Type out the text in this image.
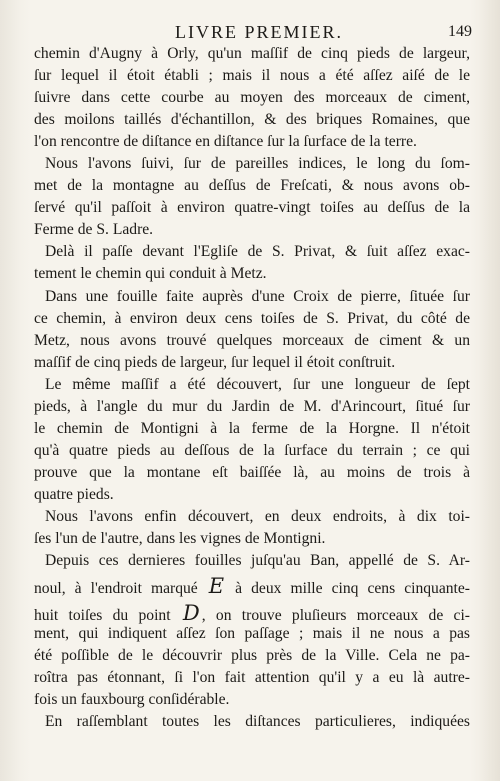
LIVRE PREMIER.	149
chemin d'Augny à Orly, qu'un maſſif de cinq pieds de largeur,
ſur lequel il étoit établi ; mais il nous a été aſſez aiſé de le
ſuivre dans cette courbe au moyen des morceaux de ciment,
des moilons taillés d'échantillon, & des briques Romaines, que
l'on rencontre de diſtance en diſtance ſur la ſurface de la terre.
Nous l'avons ſuivi, ſur de pareilles indices, le long du ſom-
met de la montagne au deſſus de Freſcati, & nous avons ob-
ſervé qu'il paſſoit à environ quatre-vingt toiſes au deſſus de la
Ferme de S. Ladre.
Delà il paſſe devant l'Egliſe de S. Privat, & ſuit aſſez exac-
tement le chemin qui conduit à Metz.
Dans une fouille faite auprès d'une Croix de pierre, ſituée ſur
ce chemin, à environ deux cens toiſes de S. Privat, du côté de
Metz, nous avons trouvé quelques morceaux de ciment & un
maſſif de cinq pieds de largeur, ſur lequel il étoit conſtruit.
Le même maſſif a été découvert, ſur une longueur de ſept
pieds, à l'angle du mur du Jardin de M. d'Arincourt, ſitué ſur
le chemin de Montigni à la ferme de la Horgne. Il n'étoit
qu'à quatre pieds au deſſous de la ſurface du terrain ; ce qui
prouve que la montane eſt baiſſée là, au moins de trois à
quatre pieds.
Nous l'avons enfin découvert, en deux endroits, à dix toi-
ſes l'un de l'autre, dans les vignes de Montigni.
Depuis ces dernieres fouilles juſqu'au Ban, appellé de S. Ar-
noul, à l'endroit marqué E à deux mille cinq cens cinquante-
huit toiſes du point D , on trouve pluſieurs morceaux de ci-
ment, qui indiquent aſſez ſon paſſage ; mais il ne nous a pas
été poſſible de le découvrir plus près de la Ville. Cela ne pa-
roîtra pas étonnant, ſi l'on fait attention qu'il y a eu là autre-
fois un fauxbourg conſidérable.
En raſſemblant toutes les diſtances particulieres, indiquées
